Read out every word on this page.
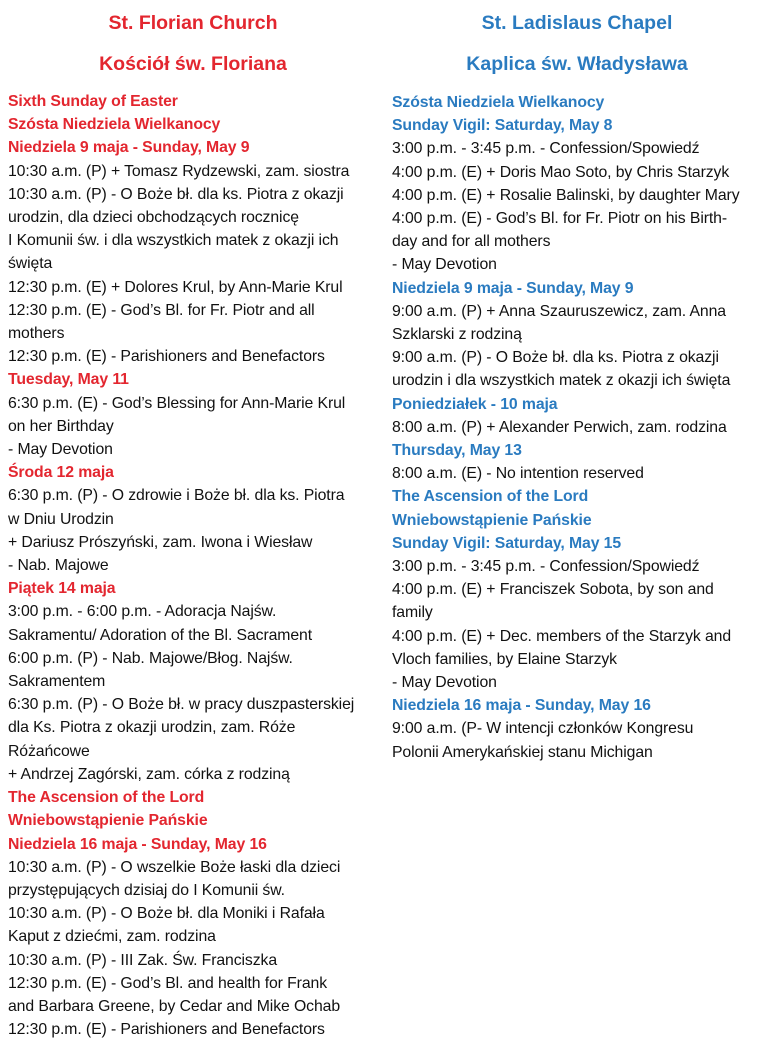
St. Florian Church
Kościół św. Floriana
Sixth Sunday of Easter
Szósta Niedziela Wielkanocy
Niedziela 9 maja - Sunday, May 9
10:30 a.m. (P) + Tomasz Rydzewski, zam. siostra
10:30 a.m. (P) - O Boże bł. dla ks. Piotra z okazji
urodzin, dla dzieci obchodzących rocznicę
I Komunii św. i dla wszystkich matek z okazji ich
święta
12:30 p.m. (E) + Dolores Krul, by Ann-Marie Krul
12:30 p.m. (E) - God’s Bl. for Fr. Piotr and all
mothers
12:30 p.m. (E) - Parishioners and Benefactors
Tuesday, May 11
6:30 p.m. (E) - God’s Blessing for Ann-Marie Krul
on her Birthday
- May Devotion
Środa 12 maja
6:30 p.m. (P) - O zdrowie i Boże bł. dla ks. Piotra
w Dniu Urodzin
+ Dariusz Prószyński, zam. Iwona i Wiesław
- Nab. Majowe
Piątek 14 maja
3:00 p.m. - 6:00 p.m. - Adoracja Najśw.
Sakramentu/ Adoration of the Bl. Sacrament
6:00 p.m. (P) - Nab. Majowe/Błog. Najśw.
Sakramentem
6:30 p.m. (P) - O Boże bł. w pracy duszpasterskiej
dla Ks. Piotra z okazji urodzin, zam. Róże
Różańcowe
+ Andrzej Zagórski, zam. córka z rodziną
The Ascension of the Lord
Wniebowstąpienie Pańskie
Niedziela 16 maja - Sunday, May 16
10:30 a.m. (P) - O wszelkie Boże łaski dla dzieci
przystępujących dzisiaj do I Komunii św.
10:30 a.m. (P) - O Boże bł. dla Moniki i Rafała
Kaput z dziećmi, zam. rodzina
10:30 a.m. (P) - III Zak. Św. Franciszka
12:30 p.m. (E) - God’s Bl. and health for Frank
and Barbara Greene, by Cedar and Mike Ochab
12:30 p.m. (E) - Parishioners and Benefactors
St. Ladislaus Chapel
Kaplica św. Władysława
Szósta Niedziela Wielkanocy
Sunday Vigil: Saturday, May 8
3:00 p.m. - 3:45 p.m. - Confession/Spowiedź
4:00 p.m. (E) + Doris Mao Soto, by Chris Starzyk
4:00 p.m. (E) + Rosalie Balinski, by daughter Mary
4:00 p.m. (E) - God’s Bl. for Fr. Piotr on his Birth-
day and for all mothers
- May Devotion
Niedziela 9 maja - Sunday, May 9
9:00 a.m. (P) + Anna Szauruszewicz, zam. Anna
Szklarski z rodziną
9:00 a.m. (P) - O Boże bł. dla ks. Piotra z okazji
urodzin i dla wszystkich matek z okazji ich święta
Poniedziałek - 10 maja
8:00 a.m. (P) + Alexander Perwich, zam. rodzina
Thursday, May 13
8:00 a.m. (E) - No intention reserved
The Ascension of the Lord
Wniebowstąpienie Pańskie
Sunday Vigil: Saturday, May 15
3:00 p.m. - 3:45 p.m. - Confession/Spowiedź
4:00 p.m. (E) + Franciszek Sobota, by son and
family
4:00 p.m. (E) + Dec. members of the Starzyk and
Vloch families, by Elaine Starzyk
- May Devotion
Niedziela 16 maja - Sunday, May 16
9:00 a.m. (P- W intencji członków Kongresu
Polonii Amerykańskiej stanu Michigan
